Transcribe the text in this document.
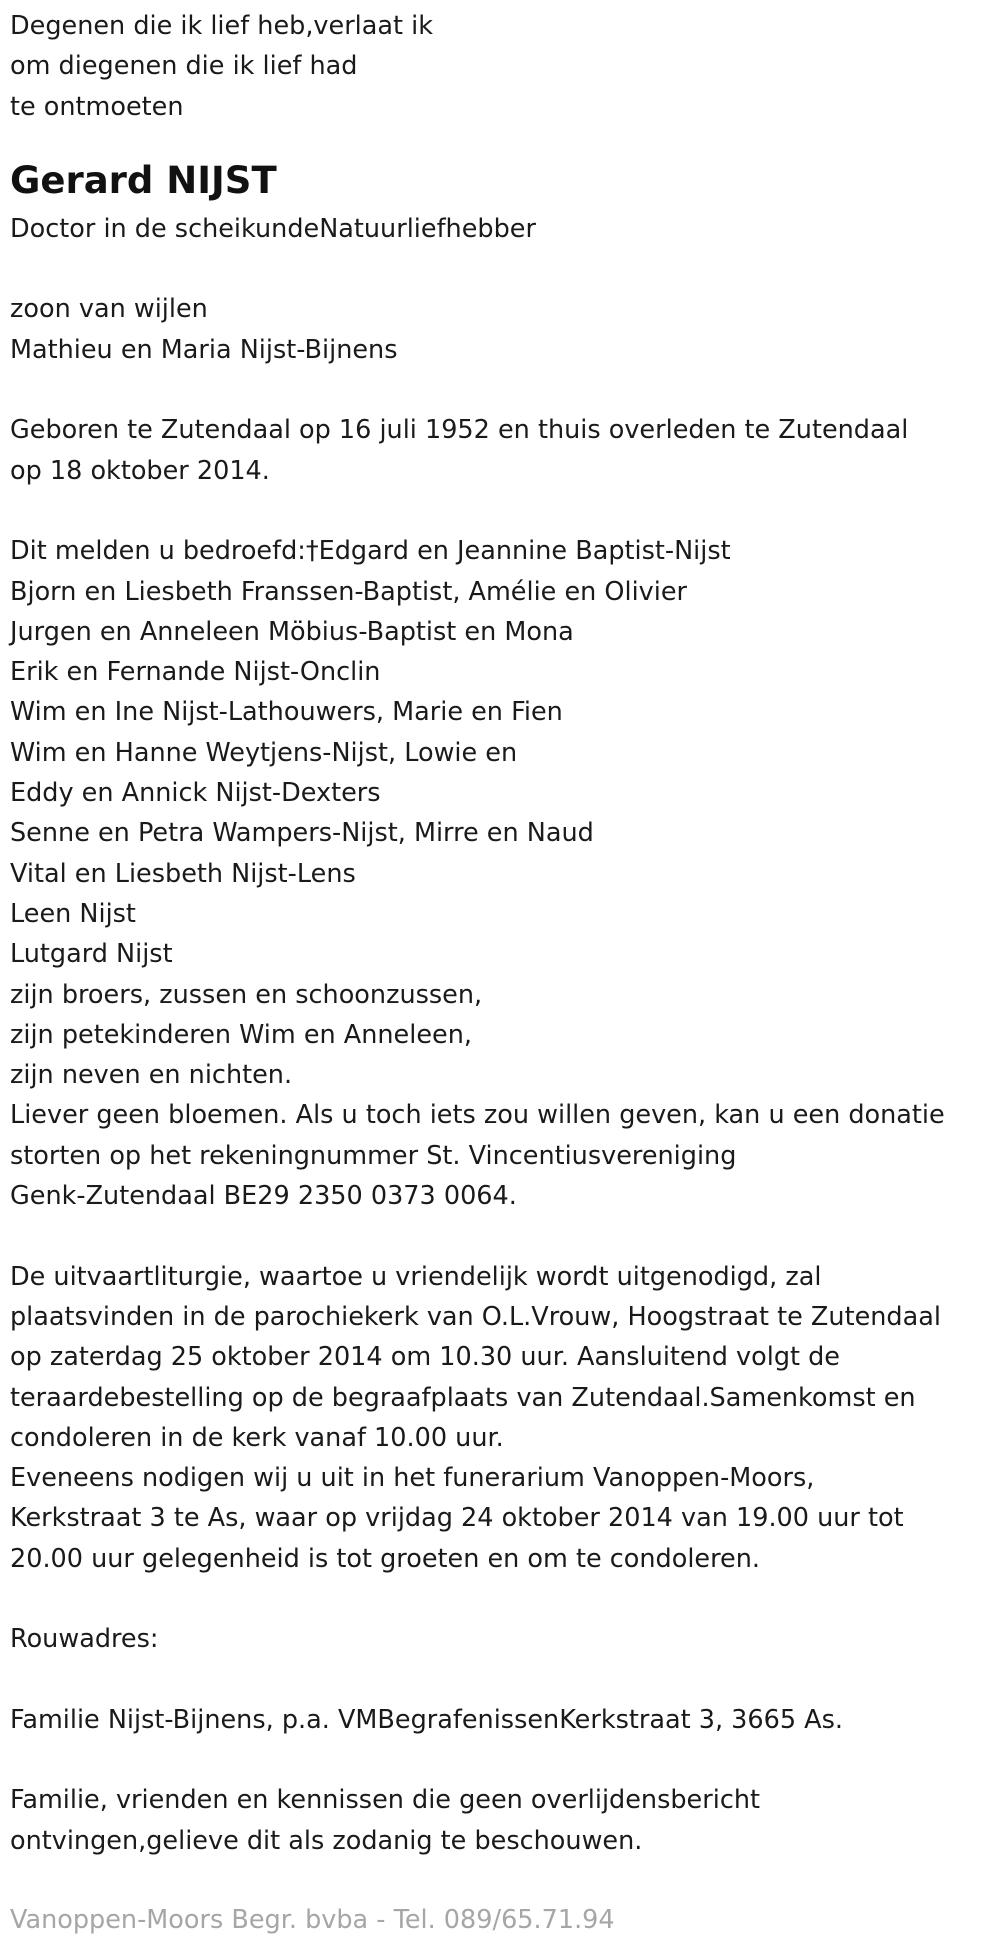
Degenen die ik lief heb,verlaat ik
om diegenen die ik lief had
te ontmoeten
Gerard NIJST
Doctor in de scheikundeNatuurliefhebber
zoon van wijlen
Mathieu en Maria Nijst-Bijnens
Geboren te Zutendaal op 16 juli 1952 en thuis overleden te Zutendaal
op 18 oktober 2014.
Dit melden u bedroefd:†Edgard en Jeannine Baptist-Nijst
Bjorn en Liesbeth Franssen-Baptist, Amélie en Olivier
Jurgen en Anneleen Möbius-Baptist en Mona
Erik en Fernande Nijst-Onclin
Wim en Ine Nijst-Lathouwers, Marie en Fien
Wim en Hanne Weytjens-Nijst, Lowie en
Eddy en Annick Nijst-Dexters
Senne en Petra Wampers-Nijst, Mirre en Naud
Vital en Liesbeth Nijst-Lens
Leen Nijst
Lutgard Nijst
zijn broers, zussen en schoonzussen,
zijn petekinderen Wim en Anneleen,
zijn neven en nichten.
Liever geen bloemen. Als u toch iets zou willen geven, kan u een donatie
storten op het rekeningnummer St. Vincentiusvereniging
Genk-Zutendaal BE29 2350 0373 0064.
De uitvaartliturgie, waartoe u vriendelijk wordt uitgenodigd, zal
plaatsvinden in de parochiekerk van O.L.Vrouw, Hoogstraat te Zutendaal
op zaterdag 25 oktober 2014 om 10.30 uur. Aansluitend volgt de
teraardebestelling op de begraafplaats van Zutendaal.Samenkomst en
condoleren in de kerk vanaf 10.00 uur.
Eveneens nodigen wij u uit in het funerarium Vanoppen-Moors,
Kerkstraat 3 te As, waar op vrijdag 24 oktober 2014 van 19.00 uur tot
20.00 uur gelegenheid is tot groeten en om te condoleren.
Rouwadres:
Familie Nijst-Bijnens, p.a. VMBegrafenissenKerkstraat 3, 3665 As.
Familie, vrienden en kennissen die geen overlijdensbericht
ontvingen,gelieve dit als zodanig te beschouwen.
Vanoppen-Moors Begr. bvba - Tel. 089/65.71.94
